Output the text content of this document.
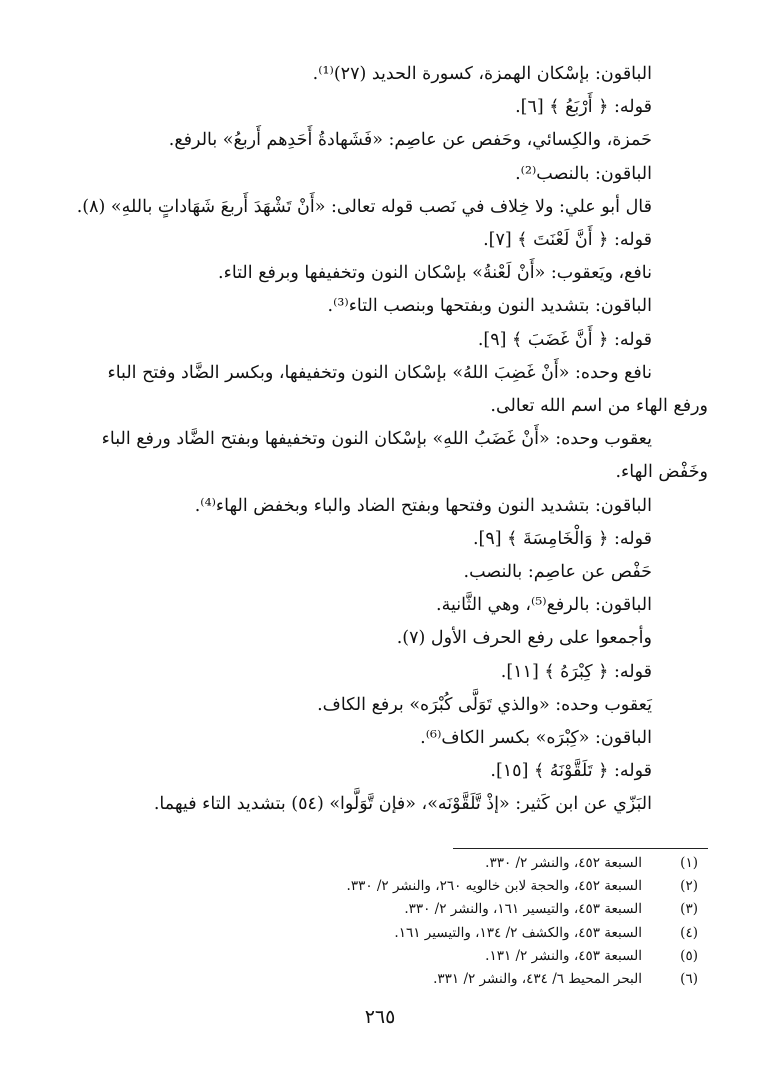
الباقون: بإسْكان الهمزة، كسورة الحديد (٢٧)⁽¹⁾.

قوله: ﴿ أَرْبَعُ ﴾ [٦].

حَمزة، والكِسائي، وحَفص عن عاصِم: «فَشَهادةُ أَحَدِهم أَربعُ» بالرفع.

الباقون: بالنصب⁽²⁾.

قال أبو علي: ولا خِلاف في نَصب قوله تعالى: «أَنْ تَشْهَدَ أَربعَ شَهَاداتٍ باللهِ» (٨).

قوله: ﴿ أَنَّ لَعْنَتَ ﴾ [٧].

نافع، ويَعقوب: «أَنْ لَعْنةُ» بإسْكان النون وتخفيفها وبرفع التاء.

الباقون: بتشديد النون وبفتحها وبنصب التاء⁽³⁾.

قوله: ﴿ أَنَّ غَضَبَ ﴾ [٩].

نافع وحده: «أَنْ غَضِبَ اللهُ» بإسْكان النون وتخفيفها، وبكسر الضَّاد وفتح الباء

ورفع الهاء من اسم الله تعالى.

يعقوب وحده: «أَنْ غَضَبُ اللهِ» بإسْكان النون وتخفيفها وبفتح الضَّاد ورفع الباء

وخَفْض الهاء.

الباقون: بتشديد النون وفتحها وبفتح الضاد والباء وبخفض الهاء⁽⁴⁾.

قوله: ﴿ وَالْخَامِسَةَ ﴾ [٩].

حَفْص عن عاصِم: بالنصب.

الباقون: بالرفع⁽⁵⁾، وهي الثَّانية.

وأجمعوا على رفع الحرف الأول (٧).

قوله: ﴿ كِبْرَهُ ﴾ [١١].

يَعقوب وحده: «والذي تَوَلَّى كُبْرَه» برفع الكاف.

الباقون: «كِبْرَه» بكسر الكاف⁽⁶⁾.

قوله: ﴿ تَلَقَّوْنَهُ ﴾ [١٥].

البَزّي عن ابن كَثير: «إذْ تَّلَقَّوْنَه»، «فإن تَّوَلَّوا» (٥٤) بتشديد التاء فيهما.

(١)
السبعة ٤٥٢، والنشر ٢/ ٣٣٠.
(٢)
السبعة ٤٥٢، والحجة لابن خالويه ٢٦٠، والنشر ٢/ ٣٣٠.
(٣)
السبعة ٤٥٣، والتيسير ١٦١، والنشر ٢/ ٣٣٠.
(٤)
السبعة ٤٥٣، والكشف ٢/ ١٣٤، والتيسير ١٦١.
(٥)
السبعة ٤٥٣، والنشر ٢/ ١٣١.
(٦)
البحر المحيط ٦/ ٤٣٤، والنشر ٢/ ٣٣١.
٢٦٥
